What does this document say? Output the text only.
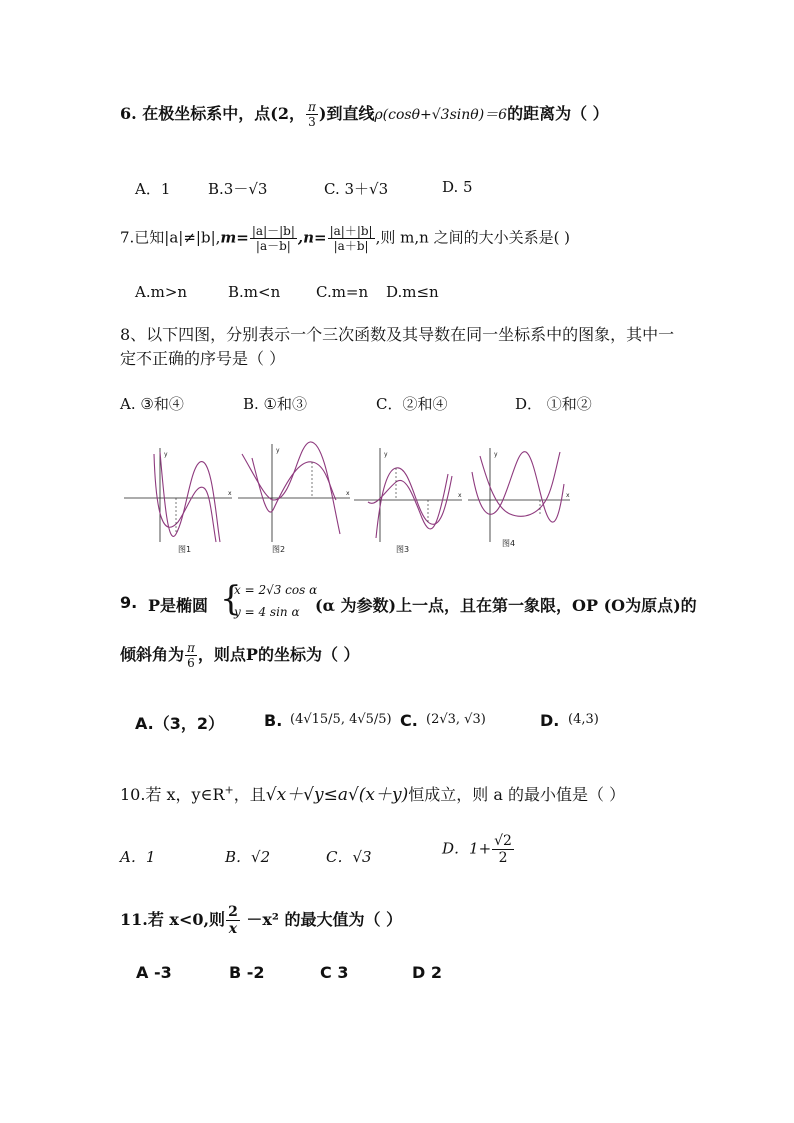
6. 在极坐标系中，点(2， $\frac{\pi}{3}$ )到直线ρ(cosθ+√3sinθ)＝6的距离为（ ）
A．1	B.3－√3	C. 3＋√3	D. 5
7.已知$|a|\ne|b|,m= \frac{|a|-|b|}{|a-b|} ,n= \frac{|a|+|b|}{|a+b|}$ ,则 m,n 之间的大小关系是( )
A.m>n	B.m<n C.m=n D.m≤n
8、以下四图，分别表示一个三次函数及其导数在同一坐标系中的图象，其中一
定不正确的序号是（ ）
A. ③和④	B. ①和③	C．②和④	D． ①和②
y
x
图1
y
x
图2
y
x
图3
y
x
图4
9. P是椭圆 {
x = 2√3 cos α
y = 4 sin α (α 为参数)上一点，且在第一象限，OP (O为原点)的
倾斜角为 $\frac{\pi}{6}$ ，则点P的坐标为（ ）
A.（3，2） B. (4√15/5, 4√5/5) C. (2√3, √3)	D. (4,3)
10.若 x，y∈R+，且√x＋√y≤a√(x＋y)恒成立，则 a 的最小值是（ ）
A．1	B．√2	C．√3	D．$1+ \frac{√2}{2}$
11.若 x<0,则 $\frac{2}{x} -x^2$ 的最大值为（ ）
A -3	B -2	C 3	D 2
